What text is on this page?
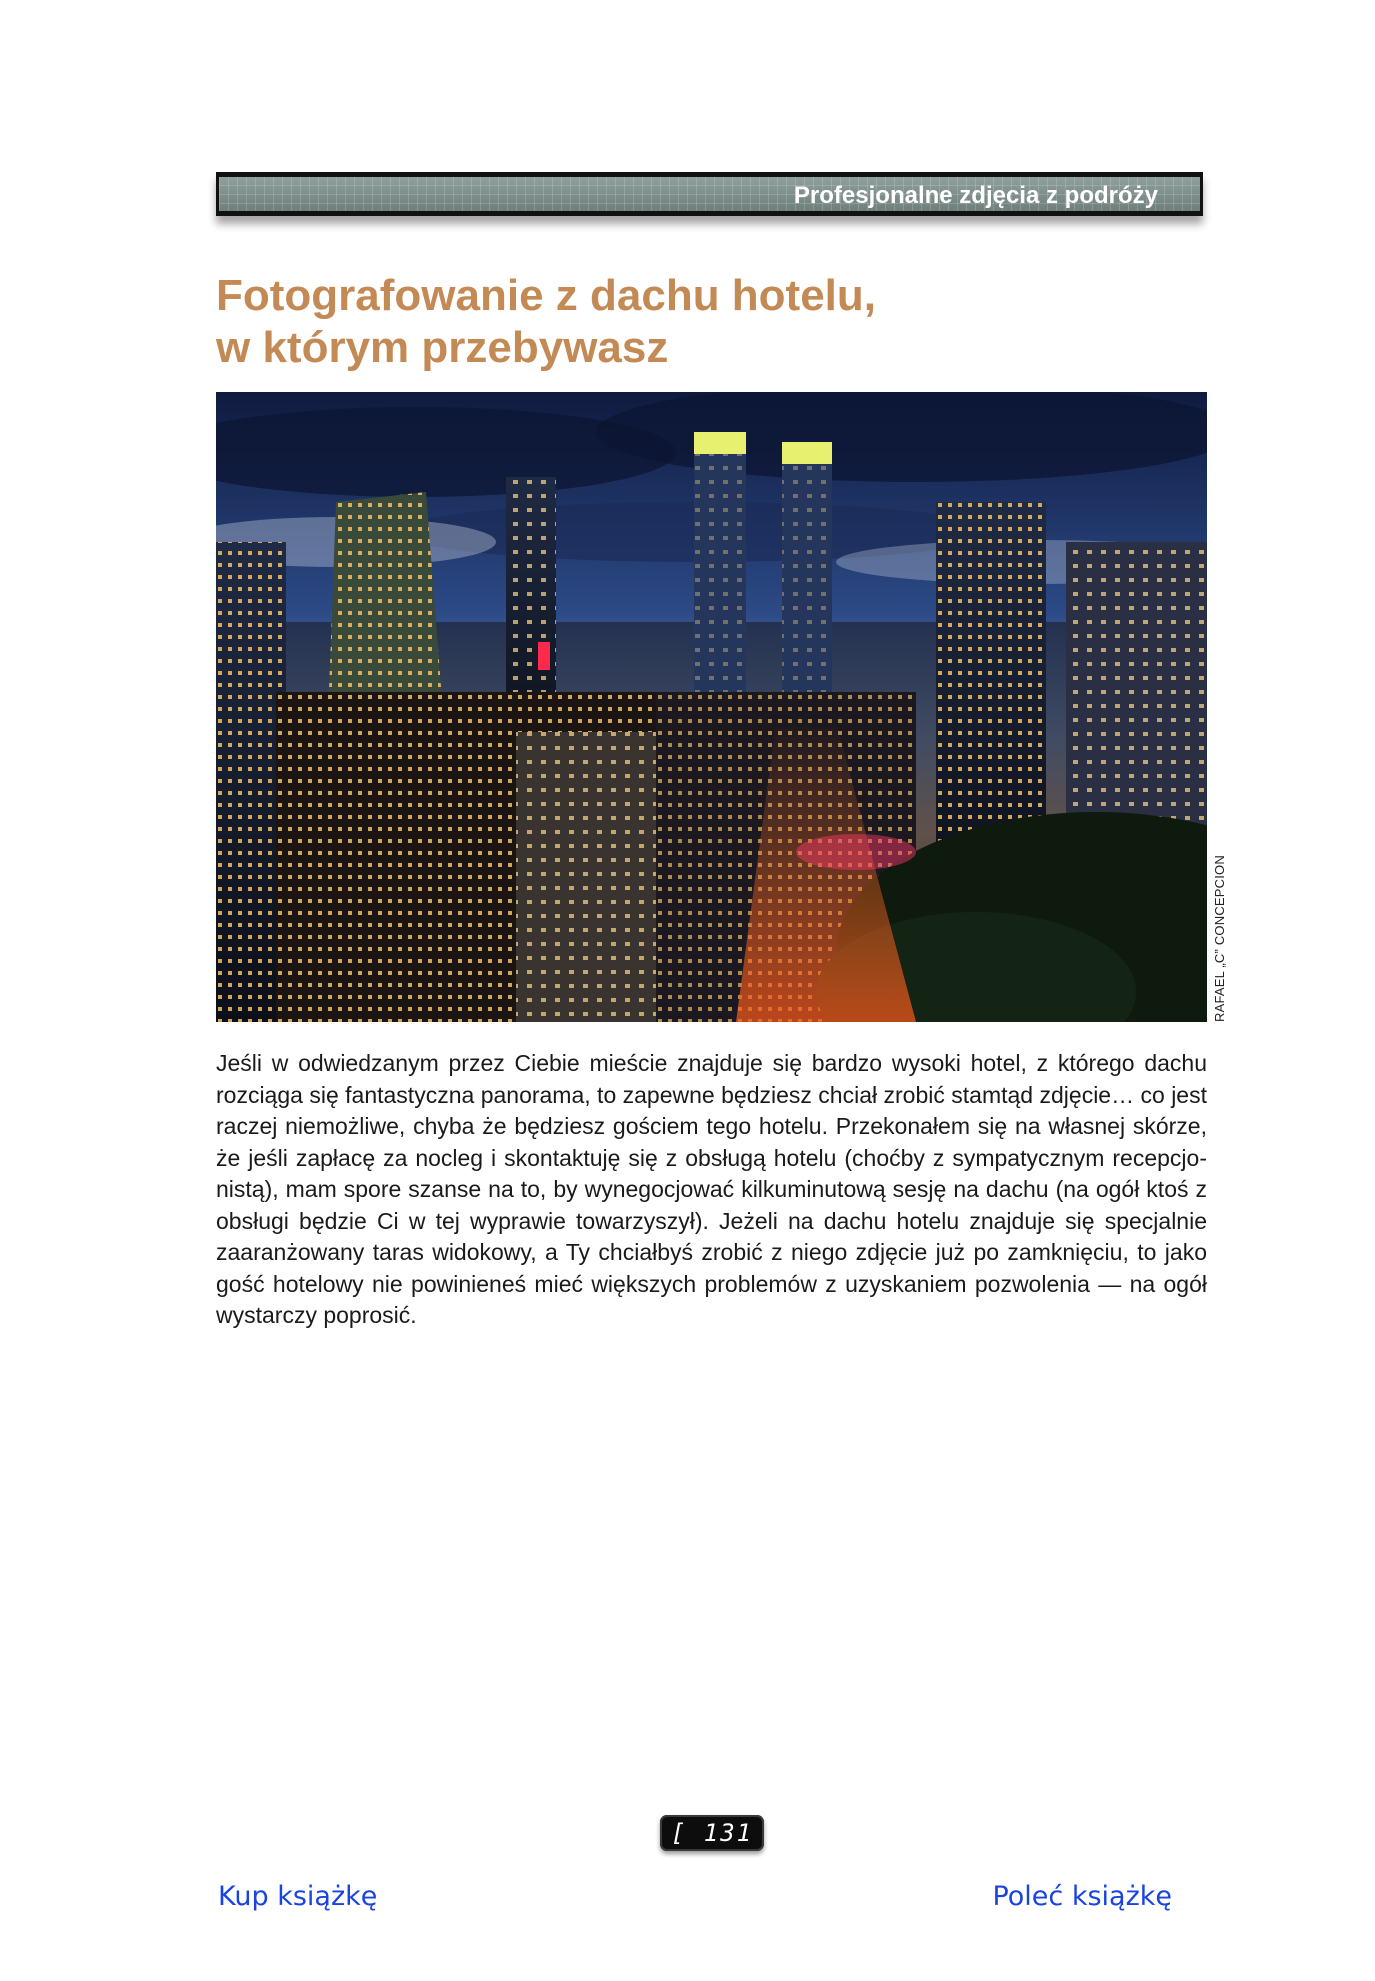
Profesjonalne zdjęcia z podróży
Fotografowanie z dachu hotelu,
w którym przebywasz
RAFAEL „C” CONCEPCION

Jeśli w odwiedzanym przez Ciebie mieście znajduje się bardzo wysoki hotel, z którego dachu rozciąga się fantastyczna panorama, to zapewne będziesz chciał zrobić stamtąd zdjęcie… co jest raczej niemożliwe, chyba że będziesz gościem tego hotelu. Przekonałem się na własnej skórze, że jeśli zapłacę za nocleg i skontaktuję się z obsługą hotelu (choćby z sympatycznym recepcjonistą), mam spore szanse na to, by wynegocjować kilkuminutową sesję na dachu (na ogół ktoś z obsługi będzie Ci w tej wyprawie towarzyszył). Jeżeli na dachu hotelu znajduje się specjalnie zaaranżowany taras widokowy, a Ty chciałbyś zrobić z niego zdjęcie już po zamknięciu, to jako gość hotelowy nie powinieneś mieć większych problemów z uzyskaniem pozwolenia — na ogół wystarczy poprosić.

[ 131 ]
Kup książkę	Poleć książkę
